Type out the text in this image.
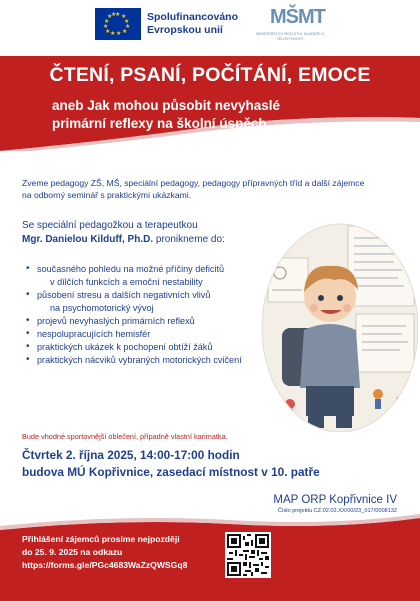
★ ★
★
★
★
★
★
★
★
★
★
★	Spolufinancováno
Evropskou unií
MŠMT
MINISTERSTVO ŠKOLSTVÍ, MLÁDEŽE A TĚLOVÝCHOVY
ČTENÍ, PSANÍ, POČÍTÁNÍ, EMOCE
aneb Jak mohou působit nevyhaslé
primární reflexy na školní úspěch
Zveme pedagogy ZŠ, MŠ, speciální pedagogy, pedagogy přípravných tříd a další zájemce
na odborný seminář s praktickými ukázkami.
Se speciální pedagožkou a terapeutkou
Mgr. Danielou Kilduff, Ph.D. pronikneme do:
• současného pohledu na možné příčiny deficitů
v dílčích funkcích a emoční nestability
• působení stresu a dalších negativních vlivů
na psychomotorický vývoj
• projevů nevyhaslých primárních reflexů
• nespolupracujících hemisfér
• praktických ukázek k pochopení obtíží žáků
• praktických nácviků vybraných motorických cvičení
Bude vhodné sportovnější oblečení, případně vlastní karimatka.
Čtvrtek 2. října 2025, 14:00-17:00 hodin
budova MÚ Kopřivnice, zasedací místnost v 10. patře
MAP ORP Kopřivnice IV
Číslo projektu CZ.02.02.XX/00/23_017/0008132
Přihlášení zájemců prosíme nejpozději
do 25. 9. 2025 na odkazu
https://forms.gle/PGc4683WaZzQWSGq8
